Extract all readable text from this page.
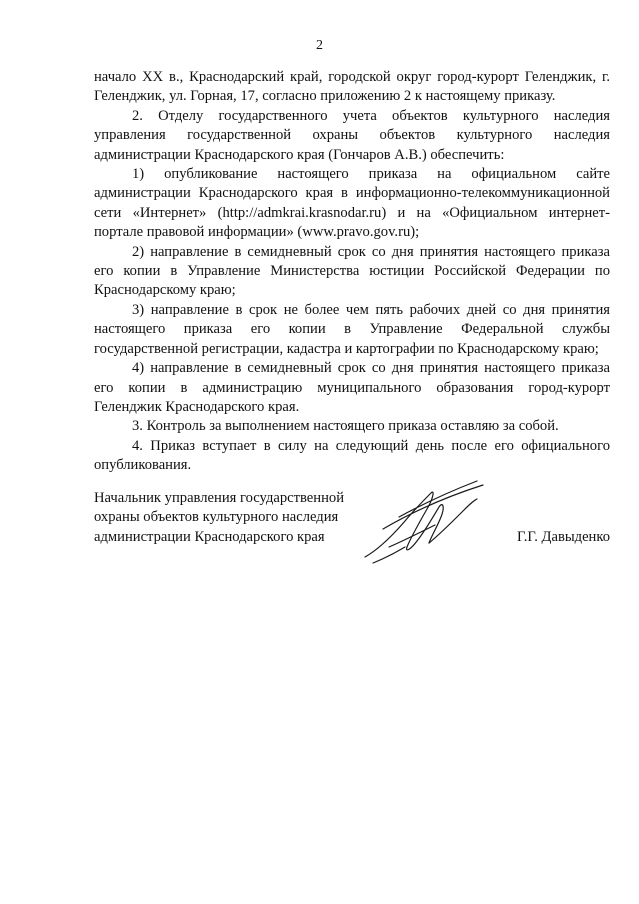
2

начало XX в., Краснодарский край, городской округ город-курорт Геленджик, г. Геленджик, ул. Горная, 17, согласно приложению 2 к настоящему приказу.

2. Отделу государственного учета объектов культурного наследия управления государственной охраны объектов культурного наследия администрации Краснодарского края (Гончаров А.В.) обеспечить:

1) опубликование настоящего приказа на официальном сайте администрации Краснодарского края в информационно-телекоммуникационной сети «Интернет» (http://admkrai.krasnodar.ru) и на «Официальном интернет-портале правовой информации» (www.pravo.gov.ru);

2) направление в семидневный срок со дня принятия настоящего приказа его копии в Управление Министерства юстиции Российской Федерации по Краснодарскому краю;

3) направление в срок не более чем пять рабочих дней со дня принятия настоящего приказа его копии в Управление Федеральной службы государственной регистрации, кадастра и картографии по Краснодарскому краю;

4) направление в семидневный срок со дня принятия настоящего приказа его копии в администрацию муниципального образования город-курорт Геленджик Краснодарского края.

3. Контроль за выполнением настоящего приказа оставляю за собой.

4. Приказ вступает в силу на следующий день после его официального опубликования.

Начальник управления государственной
охраны объектов культурного наследия
администрации Краснодарского края	Г.Г. Давыденко
